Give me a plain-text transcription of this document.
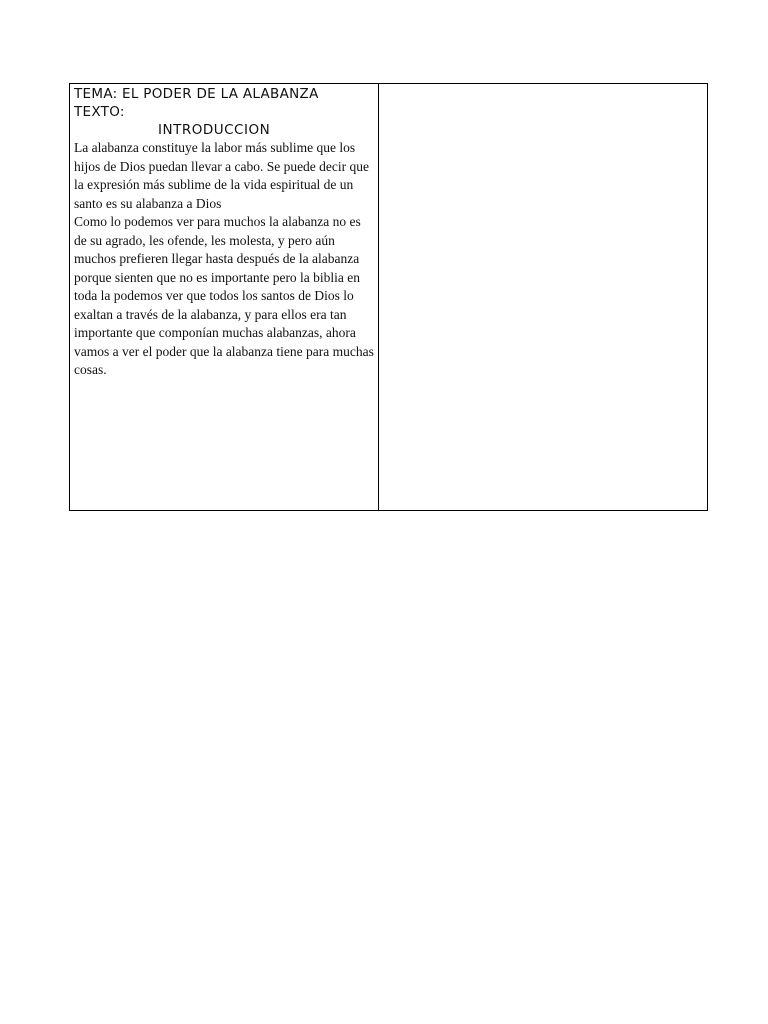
TEMA: EL PODER DE LA ALABANZA
TEXTO:
INTRODUCCION

La alabanza constituye la labor más sublime que los hijos de Dios puedan llevar a cabo. Se puede decir que la expresión más sublime de la vida espiritual de un santo es su alabanza a Dios

Como lo podemos ver para muchos la alabanza no es de su agrado, les ofende, les molesta, y pero aún muchos prefieren llegar hasta después de la alabanza porque sienten que no es importante pero la biblia en toda la podemos ver que todos los santos de Dios lo exaltan a través de la alabanza, y para ellos era tan importante que componían muchas alabanzas, ahora vamos a ver el poder que la alabanza tiene para muchas cosas.
